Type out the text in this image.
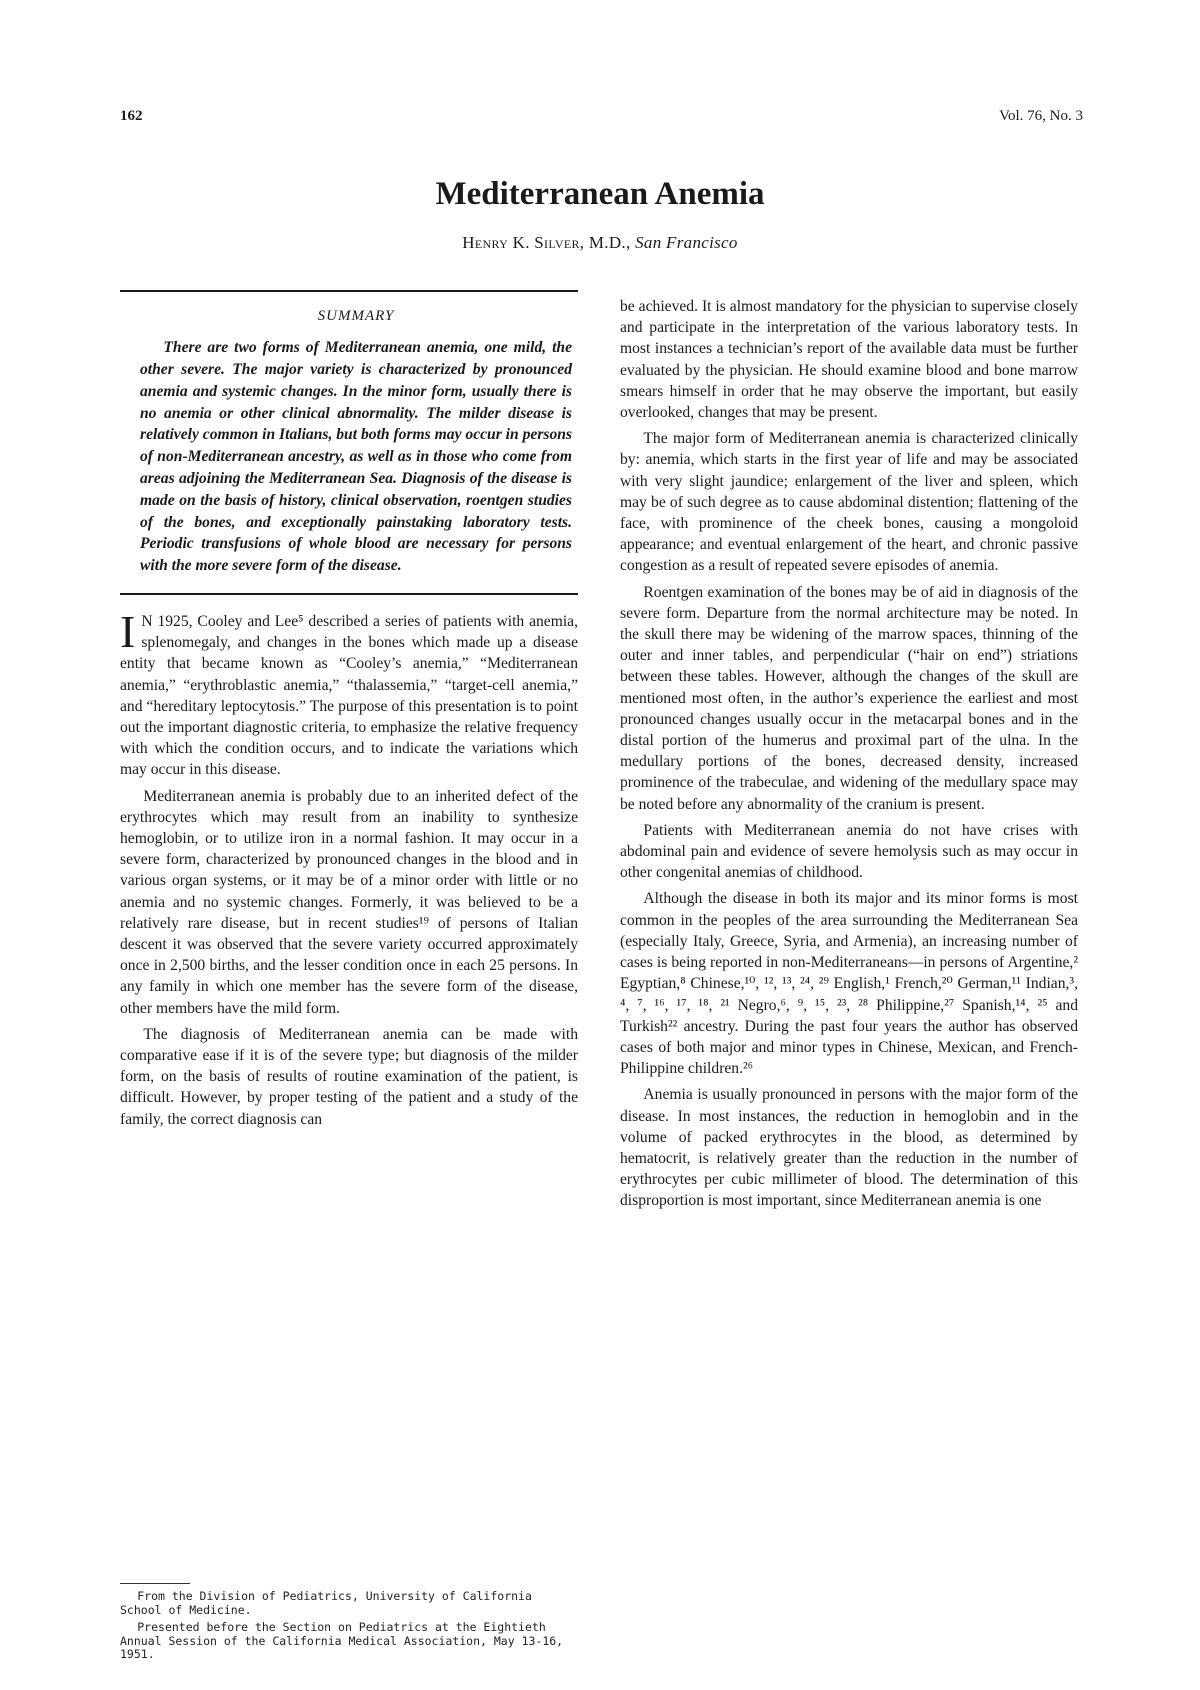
162	Vol. 76, No. 3
Mediterranean Anemia
Henry K. Silver, M.D., San Francisco
SUMMARY
There are two forms of Mediterranean anemia, one mild, the other severe. The major variety is characterized by pronounced anemia and systemic changes. In the minor form, usually there is no anemia or other clinical abnormality. The milder disease is relatively common in Italians, but both forms may occur in persons of non-Mediterranean ancestry, as well as in those who come from areas adjoining the Mediterranean Sea. Diagnosis of the disease is made on the basis of history, clinical observation, roentgen studies of the bones, and exceptionally painstaking laboratory tests. Periodic transfusions of whole blood are necessary for persons with the more severe form of the disease.

I N 1925, Cooley and Lee⁵ described a series of patients with anemia, splenomegaly, and changes in the bones which made up a disease entity that became known as “Cooley’s anemia,” “Mediterranean anemia,” “erythroblastic anemia,” “thalassemia,” “target-cell anemia,” and “hereditary leptocytosis.” The purpose of this presentation is to point out the important diagnostic criteria, to emphasize the relative frequency with which the condition occurs, and to indicate the variations which may occur in this disease.

Mediterranean anemia is probably due to an inherited defect of the erythrocytes which may result from an inability to synthesize hemoglobin, or to utilize iron in a normal fashion. It may occur in a severe form, characterized by pronounced changes in the blood and in various organ systems, or it may be of a minor order with little or no anemia and no systemic changes. Formerly, it was believed to be a relatively rare disease, but in recent studies¹⁹ of persons of Italian descent it was observed that the severe variety occurred approximately once in 2,500 births, and the lesser condition once in each 25 persons. In any family in which one member has the severe form of the disease, other members have the mild form.

The diagnosis of Mediterranean anemia can be made with comparative ease if it is of the severe type; but diagnosis of the milder form, on the basis of results of routine examination of the patient, is difficult. However, by proper testing of the patient and a study of the family, the correct diagnosis can

From the Division of Pediatrics, University of California School of Medicine.

Presented before the Section on Pediatrics at the Eightieth Annual Session of the California Medical Association, May 13-16, 1951.

be achieved. It is almost mandatory for the physician to supervise closely and participate in the interpretation of the various laboratory tests. In most instances a technician’s report of the available data must be further evaluated by the physician. He should examine blood and bone marrow smears himself in order that he may observe the important, but easily overlooked, changes that may be present.

The major form of Mediterranean anemia is characterized clinically by: anemia, which starts in the first year of life and may be associated with very slight jaundice; enlargement of the liver and spleen, which may be of such degree as to cause abdominal distention; flattening of the face, with prominence of the cheek bones, causing a mongoloid appearance; and eventual enlargement of the heart, and chronic passive congestion as a result of repeated severe episodes of anemia.

Roentgen examination of the bones may be of aid in diagnosis of the severe form. Departure from the normal architecture may be noted. In the skull there may be widening of the marrow spaces, thinning of the outer and inner tables, and perpendicular (“hair on end”) striations between these tables. However, although the changes of the skull are mentioned most often, in the author’s experience the earliest and most pronounced changes usually occur in the metacarpal bones and in the distal portion of the humerus and proximal part of the ulna. In the medullary portions of the bones, decreased density, increased prominence of the trabeculae, and widening of the medullary space may be noted before any abnormality of the cranium is present.

Patients with Mediterranean anemia do not have crises with abdominal pain and evidence of severe hemolysis such as may occur in other congenital anemias of childhood.

Although the disease in both its major and its minor forms is most common in the peoples of the area surrounding the Mediterranean Sea (especially Italy, Greece, Syria, and Armenia), an increasing number of cases is being reported in non-Mediterraneans—in persons of Argentine,² Egyptian,⁸ Chinese,¹⁰, ¹², ¹³, ²⁴, ²⁹ English,¹ French,²⁰ German,¹¹ Indian,³, ⁴, ⁷, ¹⁶, ¹⁷, ¹⁸, ²¹ Negro,⁶, ⁹, ¹⁵, ²³, ²⁸ Philippine,²⁷ Spanish,¹⁴, ²⁵ and Turkish²² ancestry. During the past four years the author has observed cases of both major and minor types in Chinese, Mexican, and French-Philippine children.²⁶

Anemia is usually pronounced in persons with the major form of the disease. In most instances, the reduction in hemoglobin and in the volume of packed erythrocytes in the blood, as determined by hematocrit, is relatively greater than the reduction in the number of erythrocytes per cubic millimeter of blood. The determination of this disproportion is most important, since Mediterranean anemia is one
